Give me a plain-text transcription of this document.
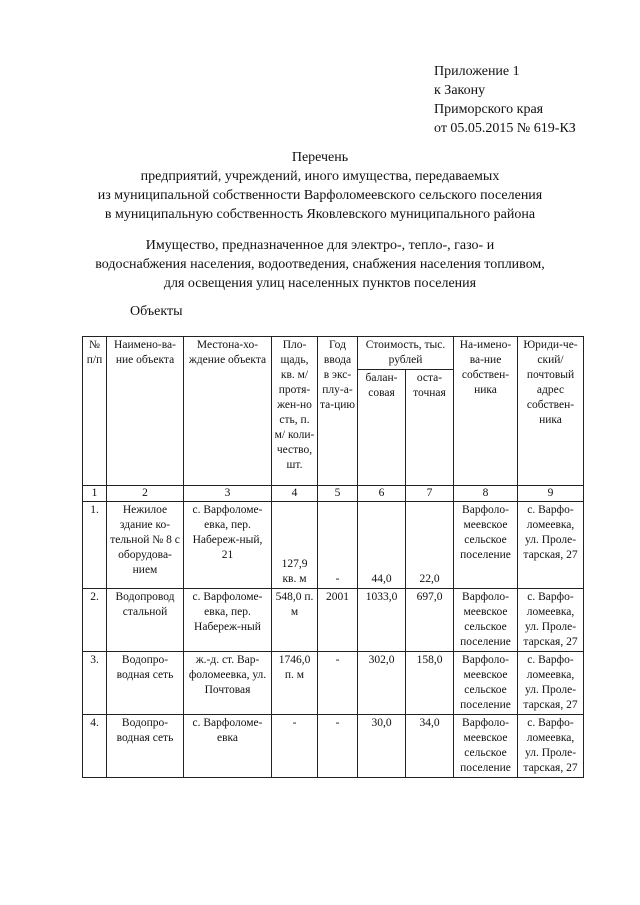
Приложение 1
к Закону
Приморского края
от 05.05.2015 № 619-КЗ
Перечень
предприятий, учреждений, иного имущества, передаваемых
из муниципальной собственности Варфоломеевского сельского поселения
в муниципальную собственность Яковлевского муниципального района
Имущество, предназначенное для электро-, тепло-, газо- и
водоснабжения населения, водоотведения, снабжения населения топливом,
для освещения улиц населенных пунктов поселения
Объекты
№ п/п	Наимено-ва-ние объекта	Местона-хо-ждение объекта	Пло-щадь, кв. м/ протя-жен-но сть, п. м/ коли-чество, шт.	Год ввода в экс-плу-а-та-цию	Стоимость, тыс. рублей		На-имено-ва-ние собствен-ника	Юриди-че-ский/ почтовый адрес собствен-ника
					балан-совая	оста-точная		
1	2	3	4	5	6	7	8	9
1.	Нежилое здание ко-тельной № 8 с оборудова-нием	с. Варфоломе-евка, пер. Набереж-ный, 21	127,9 кв. м	-	44,0	22,0	Варфоло-меевское сельское поселение	с. Варфо-ломеевка, ул. Проле-тарская, 27
2.	Водопровод стальной	с. Варфоломе-евка, пер. Набереж-ный	548,0 п. м	2001	1033,0	697,0	Варфоло-меевское сельское поселение	с. Варфо-ломеевка, ул. Проле-тарская, 27
3.	Водопро-водная сеть	ж.-д. ст. Вар-фоломеевка, ул. Почтовая	1746,0 п. м	-	302,0	158,0	Варфоло-меевское сельское поселение	с. Варфо-ломеевка, ул. Проле-тарская, 27
4.	Водопро-водная сеть	с. Варфоломе-евка	-	-	30,0	34,0	Варфоло-меевское сельское поселение	с. Варфо-ломеевка, ул. Проле-тарская, 27
